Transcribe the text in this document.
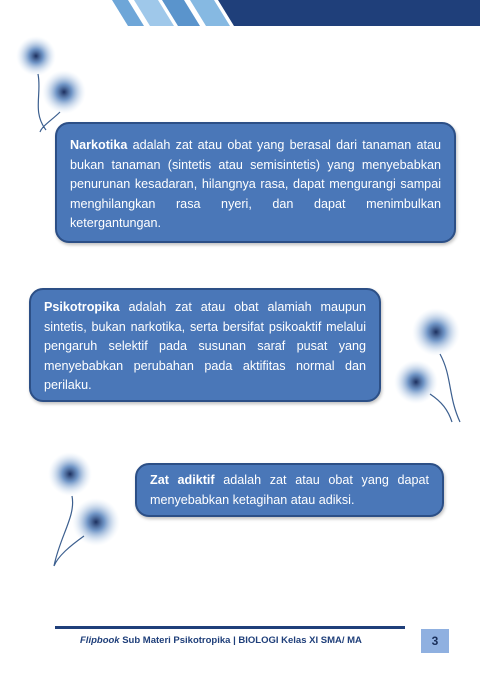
Narkotika adalah zat atau obat yang berasal dari tanaman atau bukan tanaman (sintetis atau semisintetis) yang menyebabkan penurunan kesadaran, hilangnya rasa, dapat mengurangi sampai menghilangkan rasa nyeri, dan dapat menimbulkan ketergantungan.
Psikotropika adalah zat atau obat alamiah maupun sintetis, bukan narkotika, serta bersifat psikoaktif melalui pengaruh selektif pada susunan saraf pusat yang menyebabkan perubahan pada aktifitas normal dan perilaku.
Zat adiktif adalah zat atau obat yang dapat menyebabkan ketagihan atau adiksi.
Flipbook Sub Materi Psikotropika | BIOLOGI Kelas XI SMA/ MA	3
